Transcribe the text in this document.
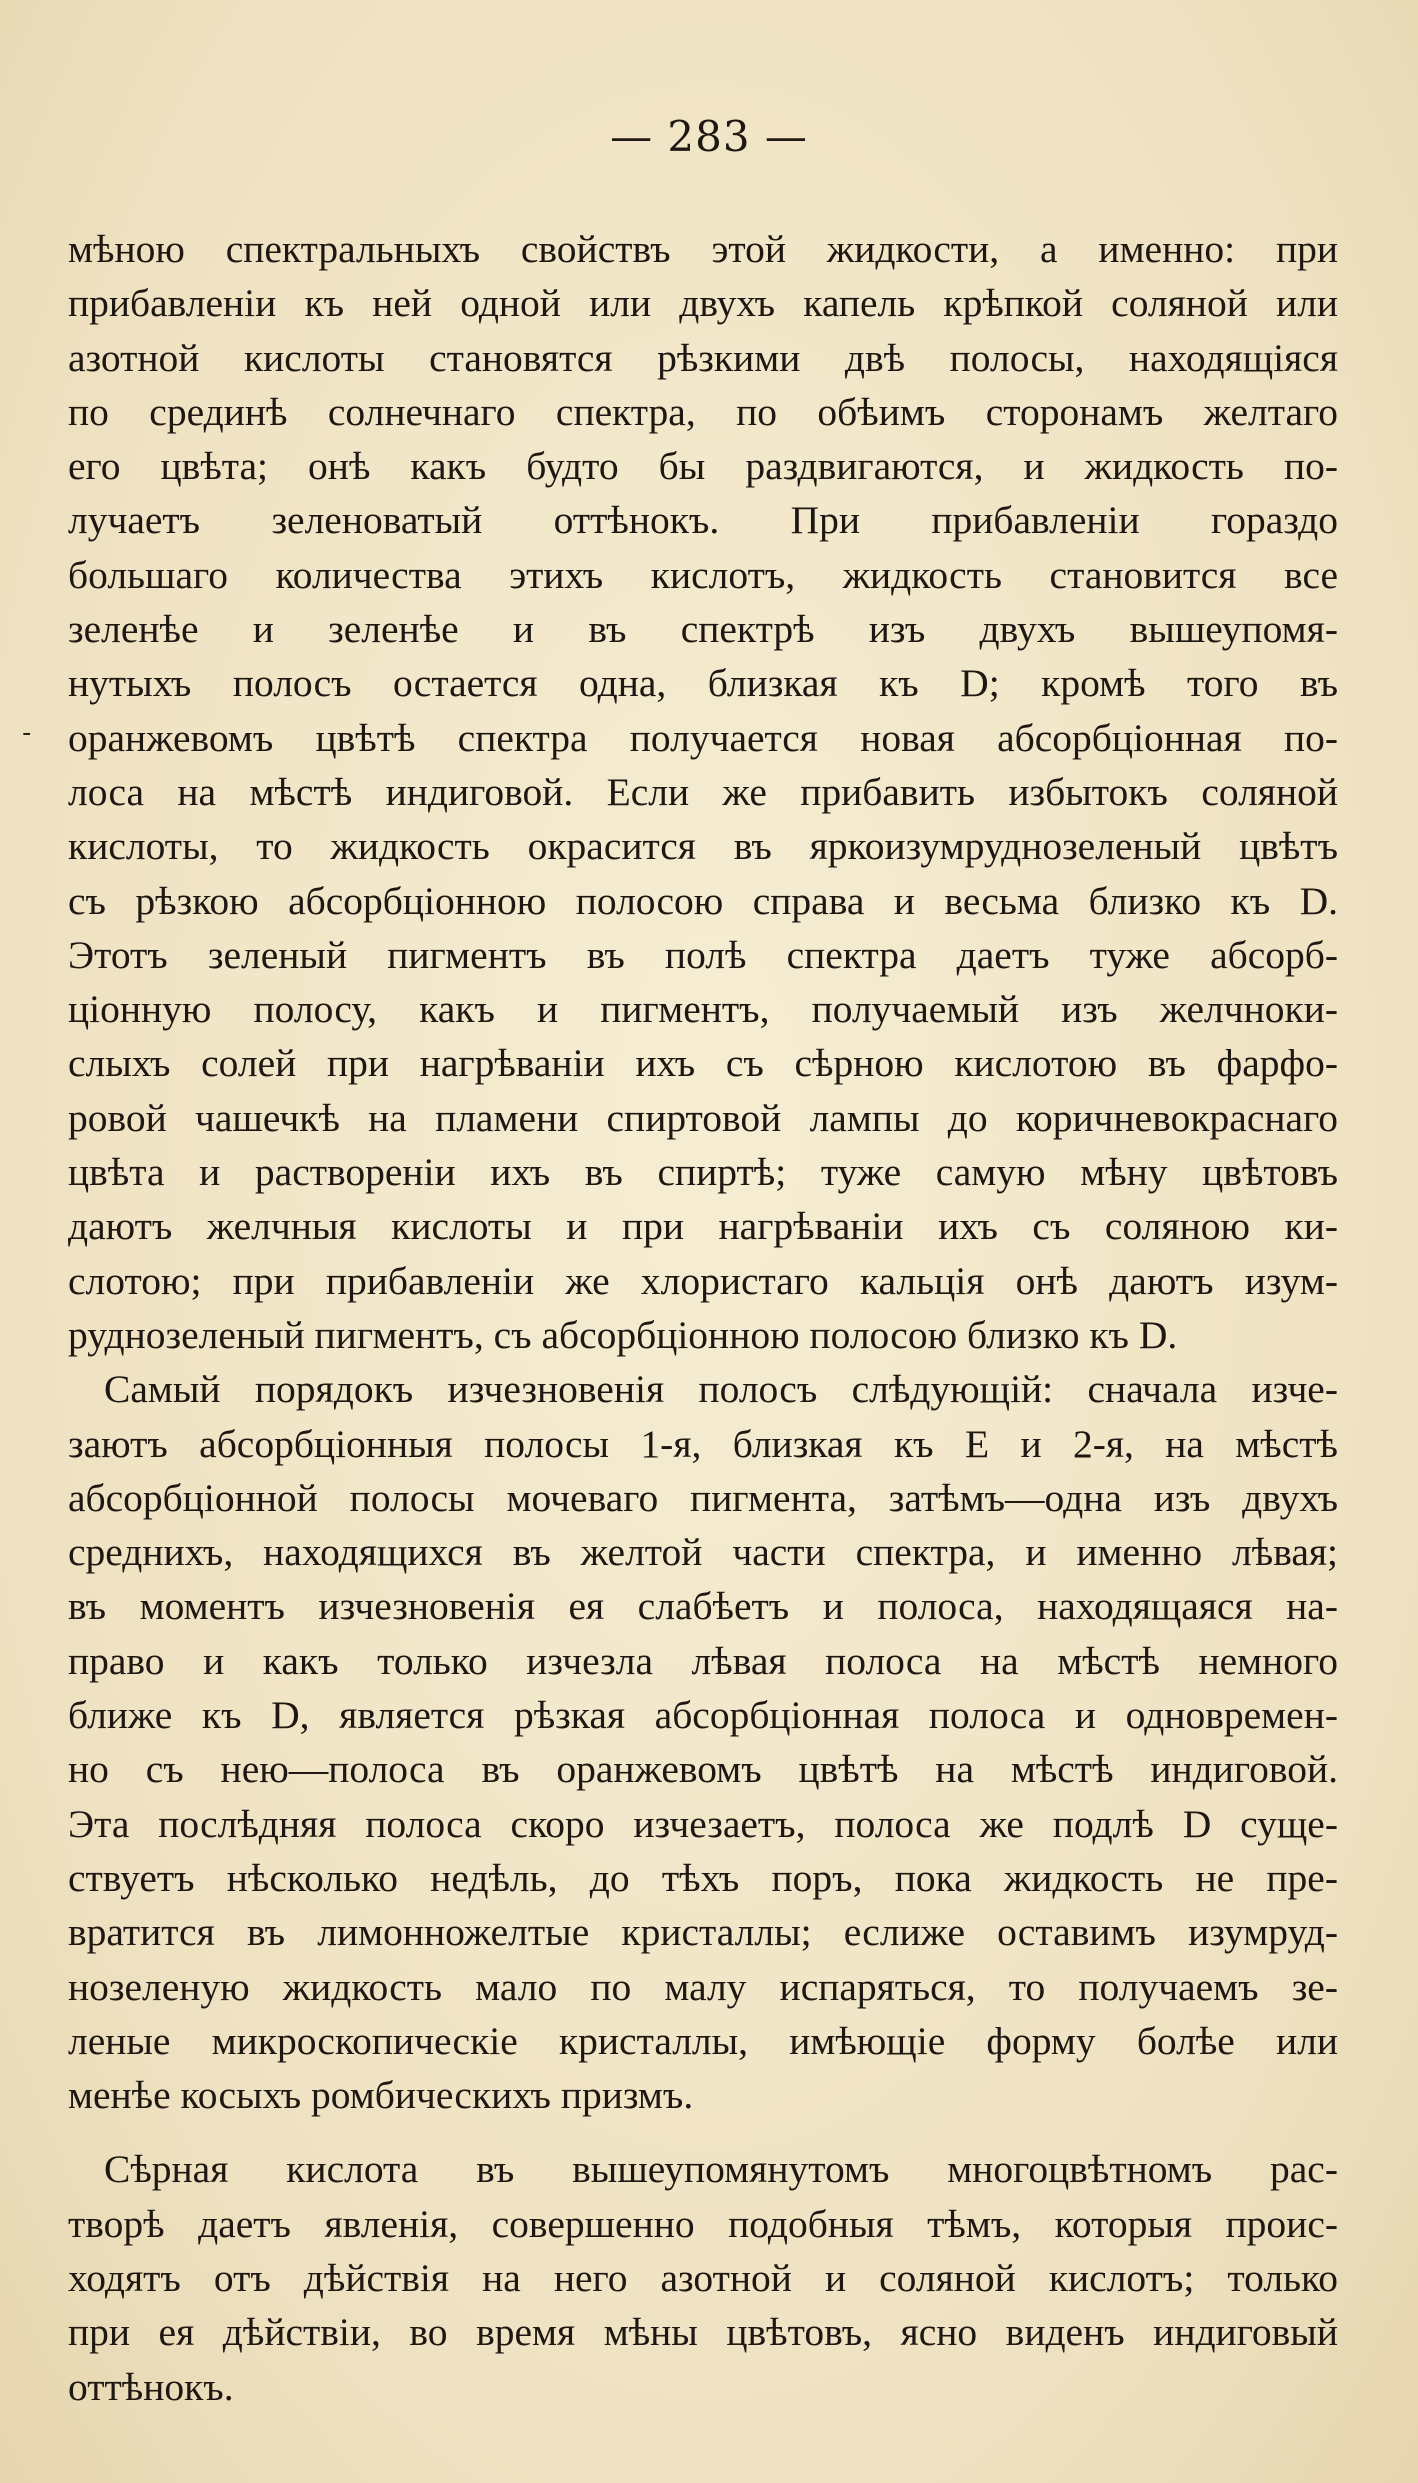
— 283 —
-
мѣною спектральныхъ свойствъ этой жидкости, а именно: при
прибавленiи къ ней одной или двухъ капель крѣпкой соляной или
азотной кислоты становятся рѣзкими двѣ полосы, находящiяся
по срединѣ солнечнаго спектра, по обѣимъ сторонамъ желтаго
его цвѣта; онѣ какъ будто бы раздвигаются, и жидкость по-
лучаетъ зеленоватый оттѣнокъ. При прибавленiи гораздо
большаго количества этихъ кислотъ, жидкость становится все
зеленѣе и зеленѣе и въ спектрѣ изъ двухъ вышеупомя-
нутыхъ полосъ остается одна, близкая къ D; кромѣ того въ
оранжевомъ цвѣтѣ спектра получается новая абсорбцiонная по-
лоса на мѣстѣ индиговой. Если же прибавить избытокъ соляной
кислоты, то жидкость окрасится въ яркоизумруднозеленый цвѣтъ
съ рѣзкою абсорбцiонною полосою справа и весьма близко къ D.
Этотъ зеленый пигментъ въ полѣ спектра даетъ туже абсорб-
цiонную полосу, какъ и пигментъ, получаемый изъ желчноки-
слыхъ солей при нагрѣванiи ихъ съ сѣрною кислотою въ фарфо-
ровой чашечкѣ на пламени спиртовой лампы до коричневокраснаго
цвѣта и растворенiи ихъ въ спиртѣ; туже самую мѣну цвѣтовъ
даютъ желчныя кислоты и при нагрѣванiи ихъ съ соляною ки-
слотою; при прибавленiи же хлористаго кальцiя онѣ даютъ изум-
руднозеленый пигментъ, съ абсорбцiонною полосою близко къ D.
Самый порядокъ изчезновенiя полосъ слѣдующiй: сначала изче-
заютъ абсорбцiонныя полосы 1-я, близкая къ E и 2-я, на мѣстѣ
абсорбцiонной полосы мочеваго пигмента, затѣмъ—одна изъ двухъ
среднихъ, находящихся въ желтой части спектра, и именно лѣвая;
въ моментъ изчезновенiя ея слабѣетъ и полоса, находящаяся на-
право и какъ только изчезла лѣвая полоса на мѣстѣ немного
ближе къ D, является рѣзкая абсорбцiонная полоса и одновремен-
но съ нею—полоса въ оранжевомъ цвѣтѣ на мѣстѣ индиговой.
Эта послѣдняя полоса скоро изчезаетъ, полоса же подлѣ D суще-
ствуетъ нѣсколько недѣль, до тѣхъ поръ, пока жидкость не пре-
вратится въ лимонножелтые кристаллы; еслиже оставимъ изумруд-
нозеленую жидкость мало по малу испаряться, то получаемъ зе-
леные микроскопическiе кристаллы, имѣющiе форму болѣе или
менѣе косыхъ ромбическихъ призмъ.
Сѣрная кислота въ вышеупомянутомъ многоцвѣтномъ рас-
творѣ даетъ явленiя, совершенно подобныя тѣмъ, которыя проис-
ходятъ отъ дѣйствiя на него азотной и соляной кислотъ; только
при ея дѣйствiи, во время мѣны цвѣтовъ, ясно виденъ индиговый
оттѣнокъ.
